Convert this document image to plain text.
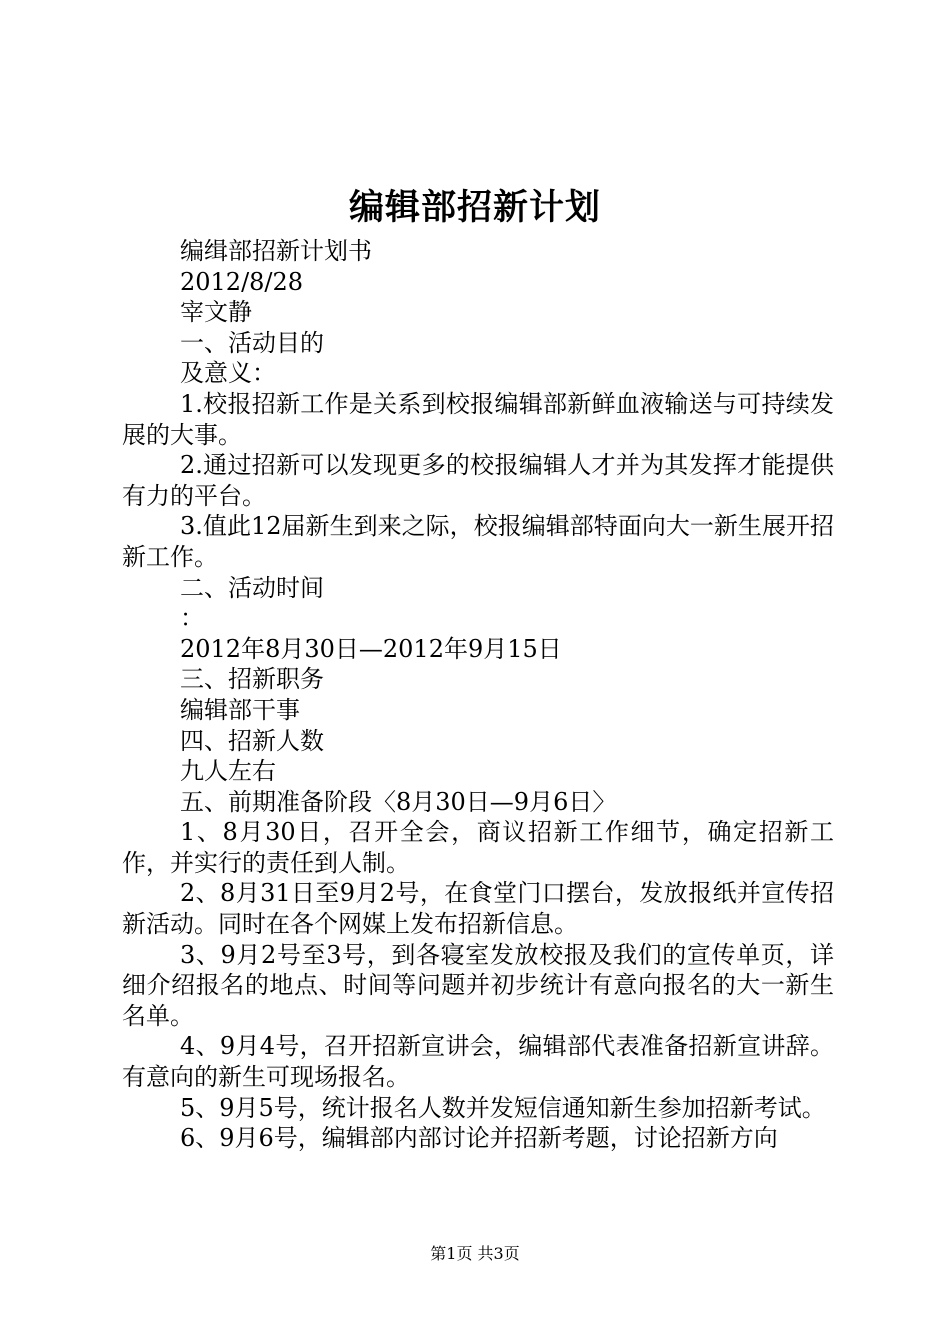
编辑部招新计划

编缉部招新计划书

2012/8/28

宰文静

一、活动目的

及意义：

1.校报招新工作是关系到校报编辑部新鲜血液输送与可持续发展的大事。

2.通过招新可以发现更多的校报编辑人才并为其发挥才能提供有力的平台。

3.值此12届新生到来之际，校报编辑部特面向大一新生展开招新工作。

二、活动时间

：

2012年8月30日—2012年9月15日

三、招新职务

编辑部干事

四、招新人数

九人左右

五、前期准备阶段〈8月30日—9月6日〉

1、8月30日，召开全会，商议招新工作细节，确定招新工作，并实行的责任到人制。

2、8月31日至9月2号，在食堂门口摆台，发放报纸并宣传招新活动。同时在各个网媒上发布招新信息。

3、9月2号至3号，到各寝室发放校报及我们的宣传单页，详细介绍报名的地点、时间等问题并初步统计有意向报名的大一新生名单。

4、9月4号，召开招新宣讲会，编辑部代表准备招新宣讲辞。有意向的新生可现场报名。

5、9月5号，统计报名人数并发短信通知新生参加招新考试。

6、9月6号，编辑部内部讨论并招新考题，讨论招新方向

第1页 共3页
